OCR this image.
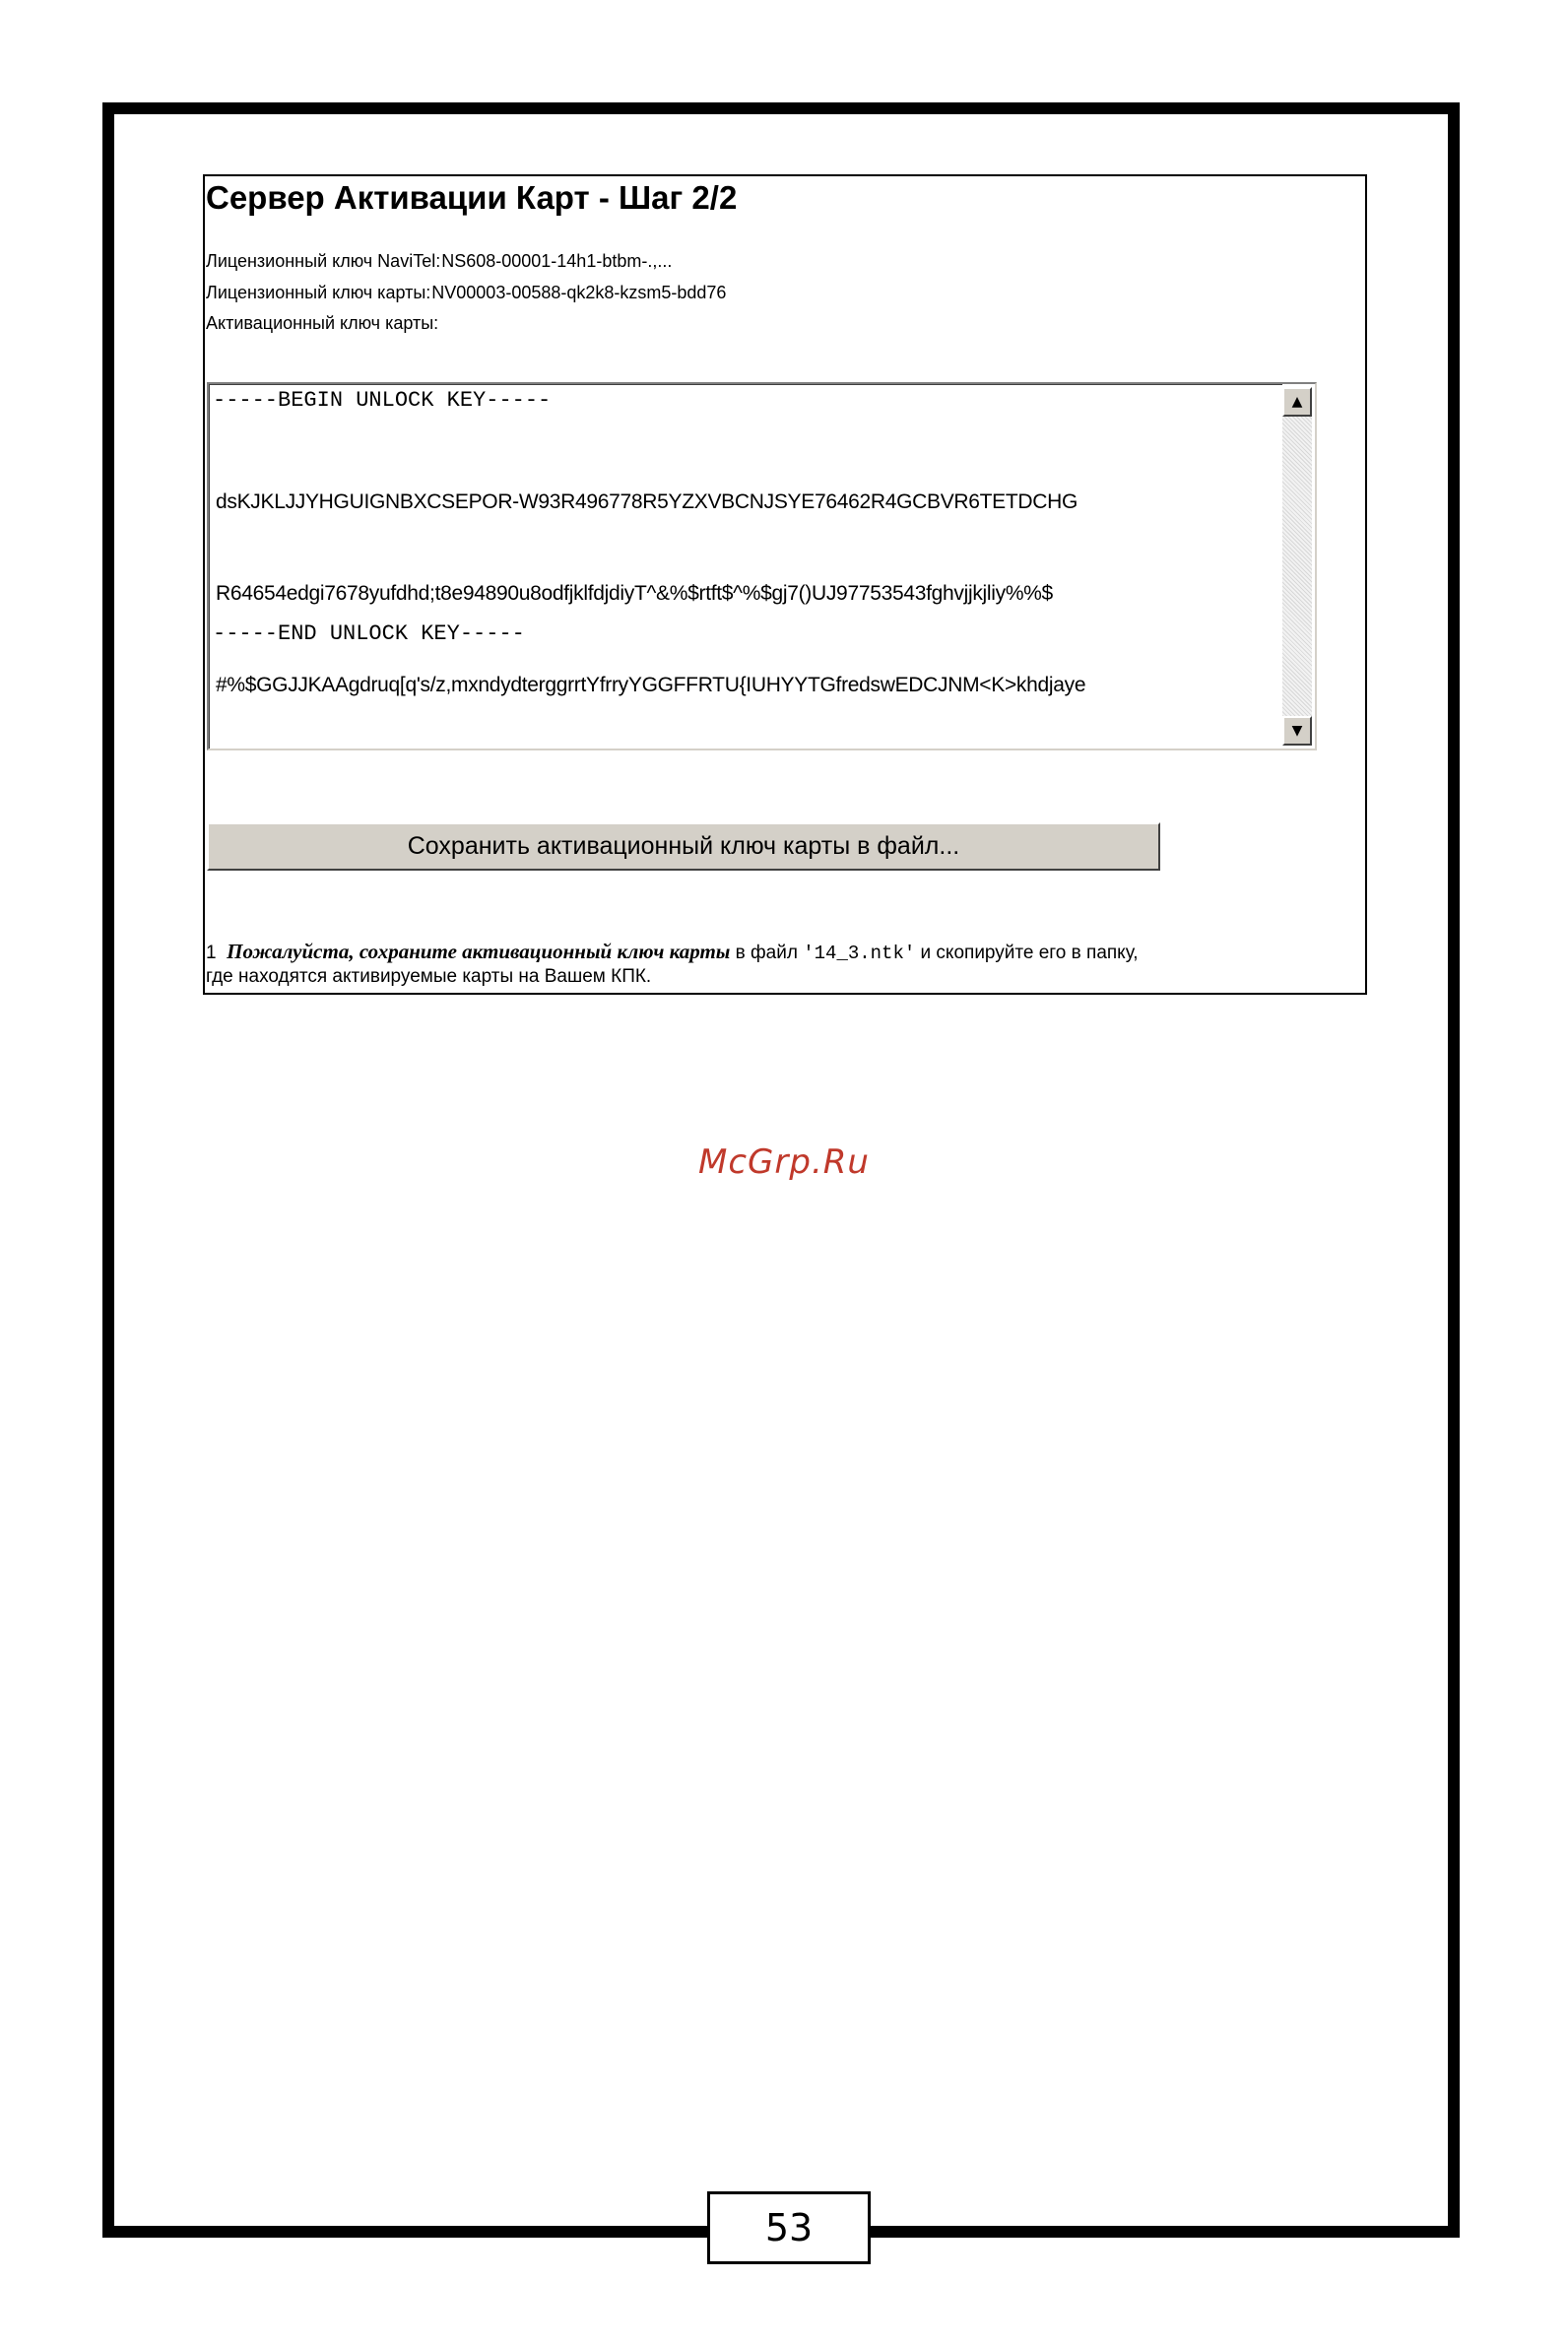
Сервер Активации Карт - Шаг 2/2
Лицензионный ключ NaviTel:NS608-00001-14h1-btbm-.,...
Лицензионный ключ карты:NV00003-00588-qk2k8-kzsm5-bdd76
Активационный ключ карты:
-----BEGIN UNLOCK KEY-----

dsKJKLJJYHGUIGNBXCSEPOR-W93R496778R5YZXVBCNJSYE76462R4GCBVR6TETDCHG

R64654edgi7678yufdhd;t8e94890u8odfjklfdjdiyT^&%$rtft$^%$gj7()UJ97753543fghvjjkjliy%%$

#%$GGJJKAAgdruq[q's/z,mxndydterggrrtYfrryYGGFFRTU{IUHYYTGfredswEDCJNM<K>khdjaye

-----END UNLOCK KEY-----
▲
▼
Сохранить активационный ключ карты в файл...
1 Пожалуйста, сохраните активационный ключ карты в файл '14_3.ntk' и скопируйте его в папку,
где находятся активируемые карты на Вашем КПК.
McGrp.Ru
53
